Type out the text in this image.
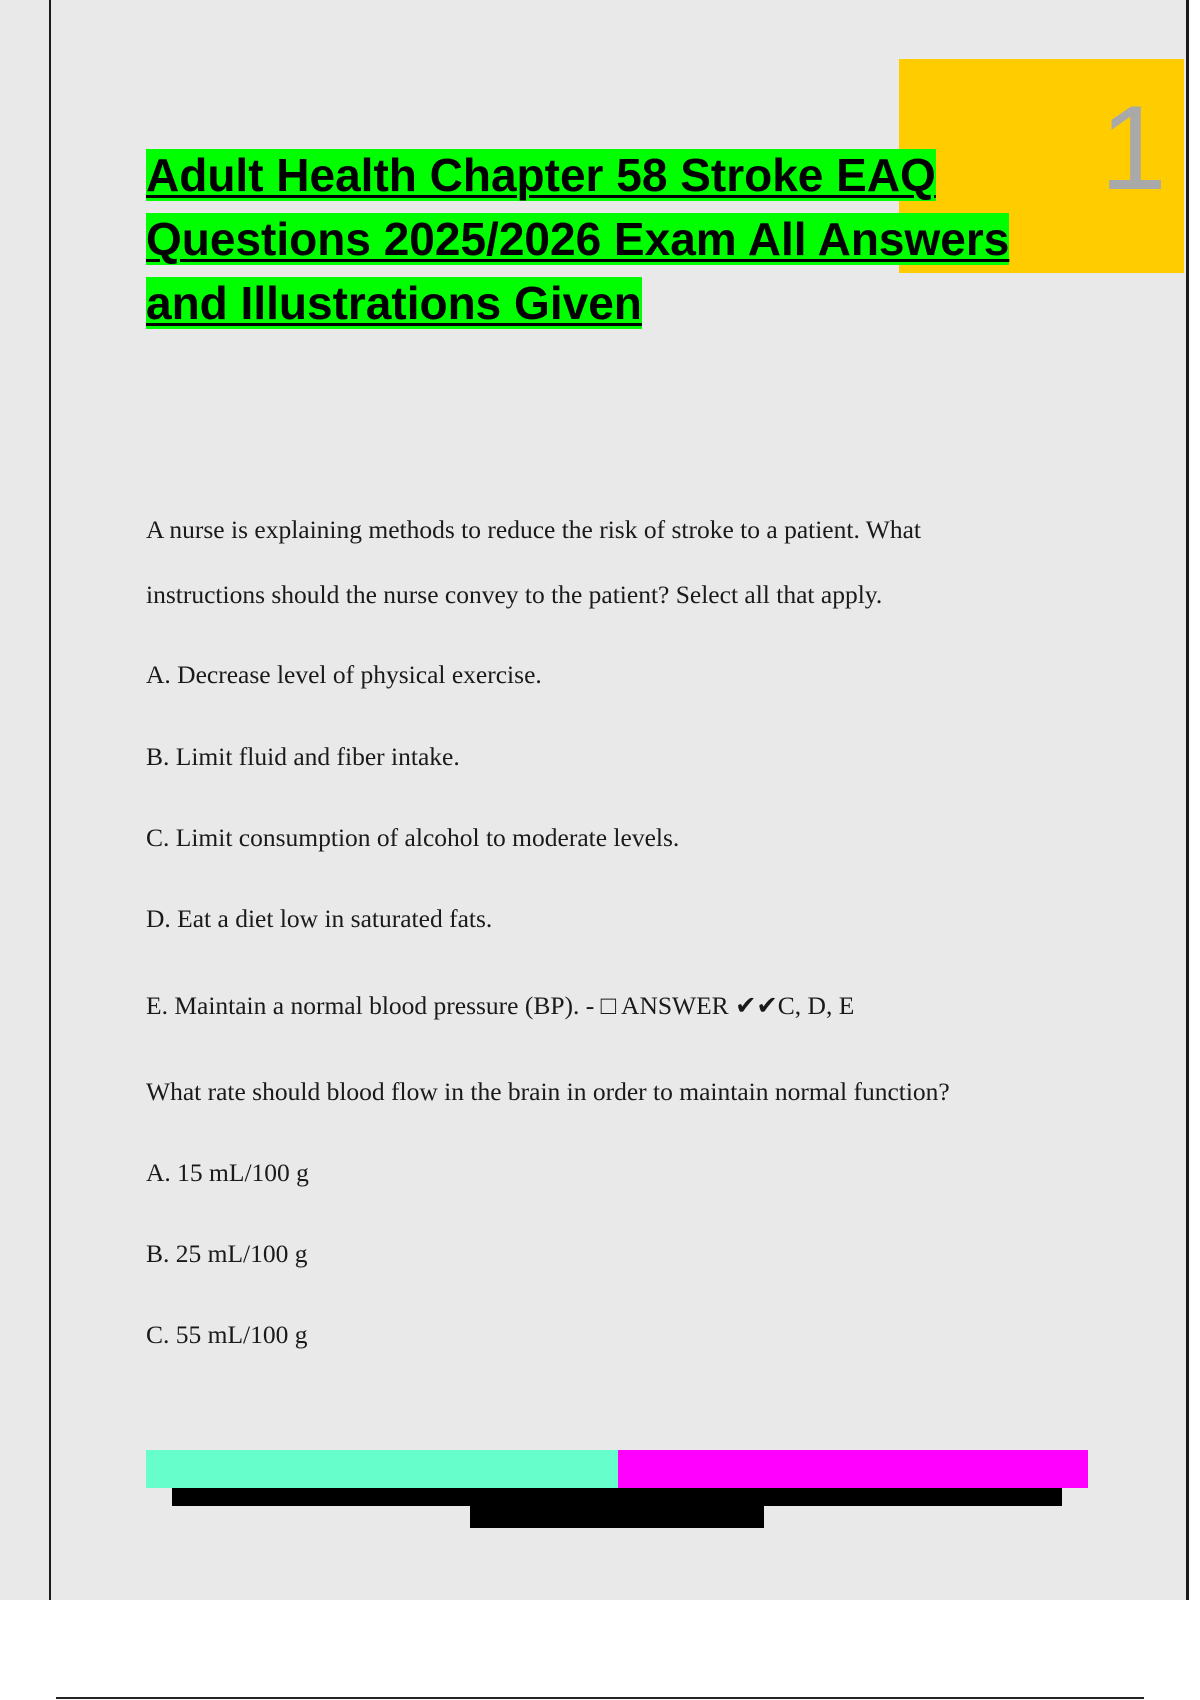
1
Adult Health Chapter 58 Stroke EAQ
Questions 2025/2026 Exam All Answers
and Illustrations Given

A nurse is explaining methods to reduce the risk of stroke to a patient. What

instructions should the nurse convey to the patient? Select all that apply.

A. Decrease level of physical exercise.

B. Limit fluid and fiber intake.

C. Limit consumption of alcohol to moderate levels.

D. Eat a diet low in saturated fats.

E. Maintain a normal blood pressure (BP). - □ ANSWER ✔✔C, D, E

What rate should blood flow in the brain in order to maintain normal function?

A. 15 mL/100 g

B. 25 mL/100 g

C. 55 mL/100 g
